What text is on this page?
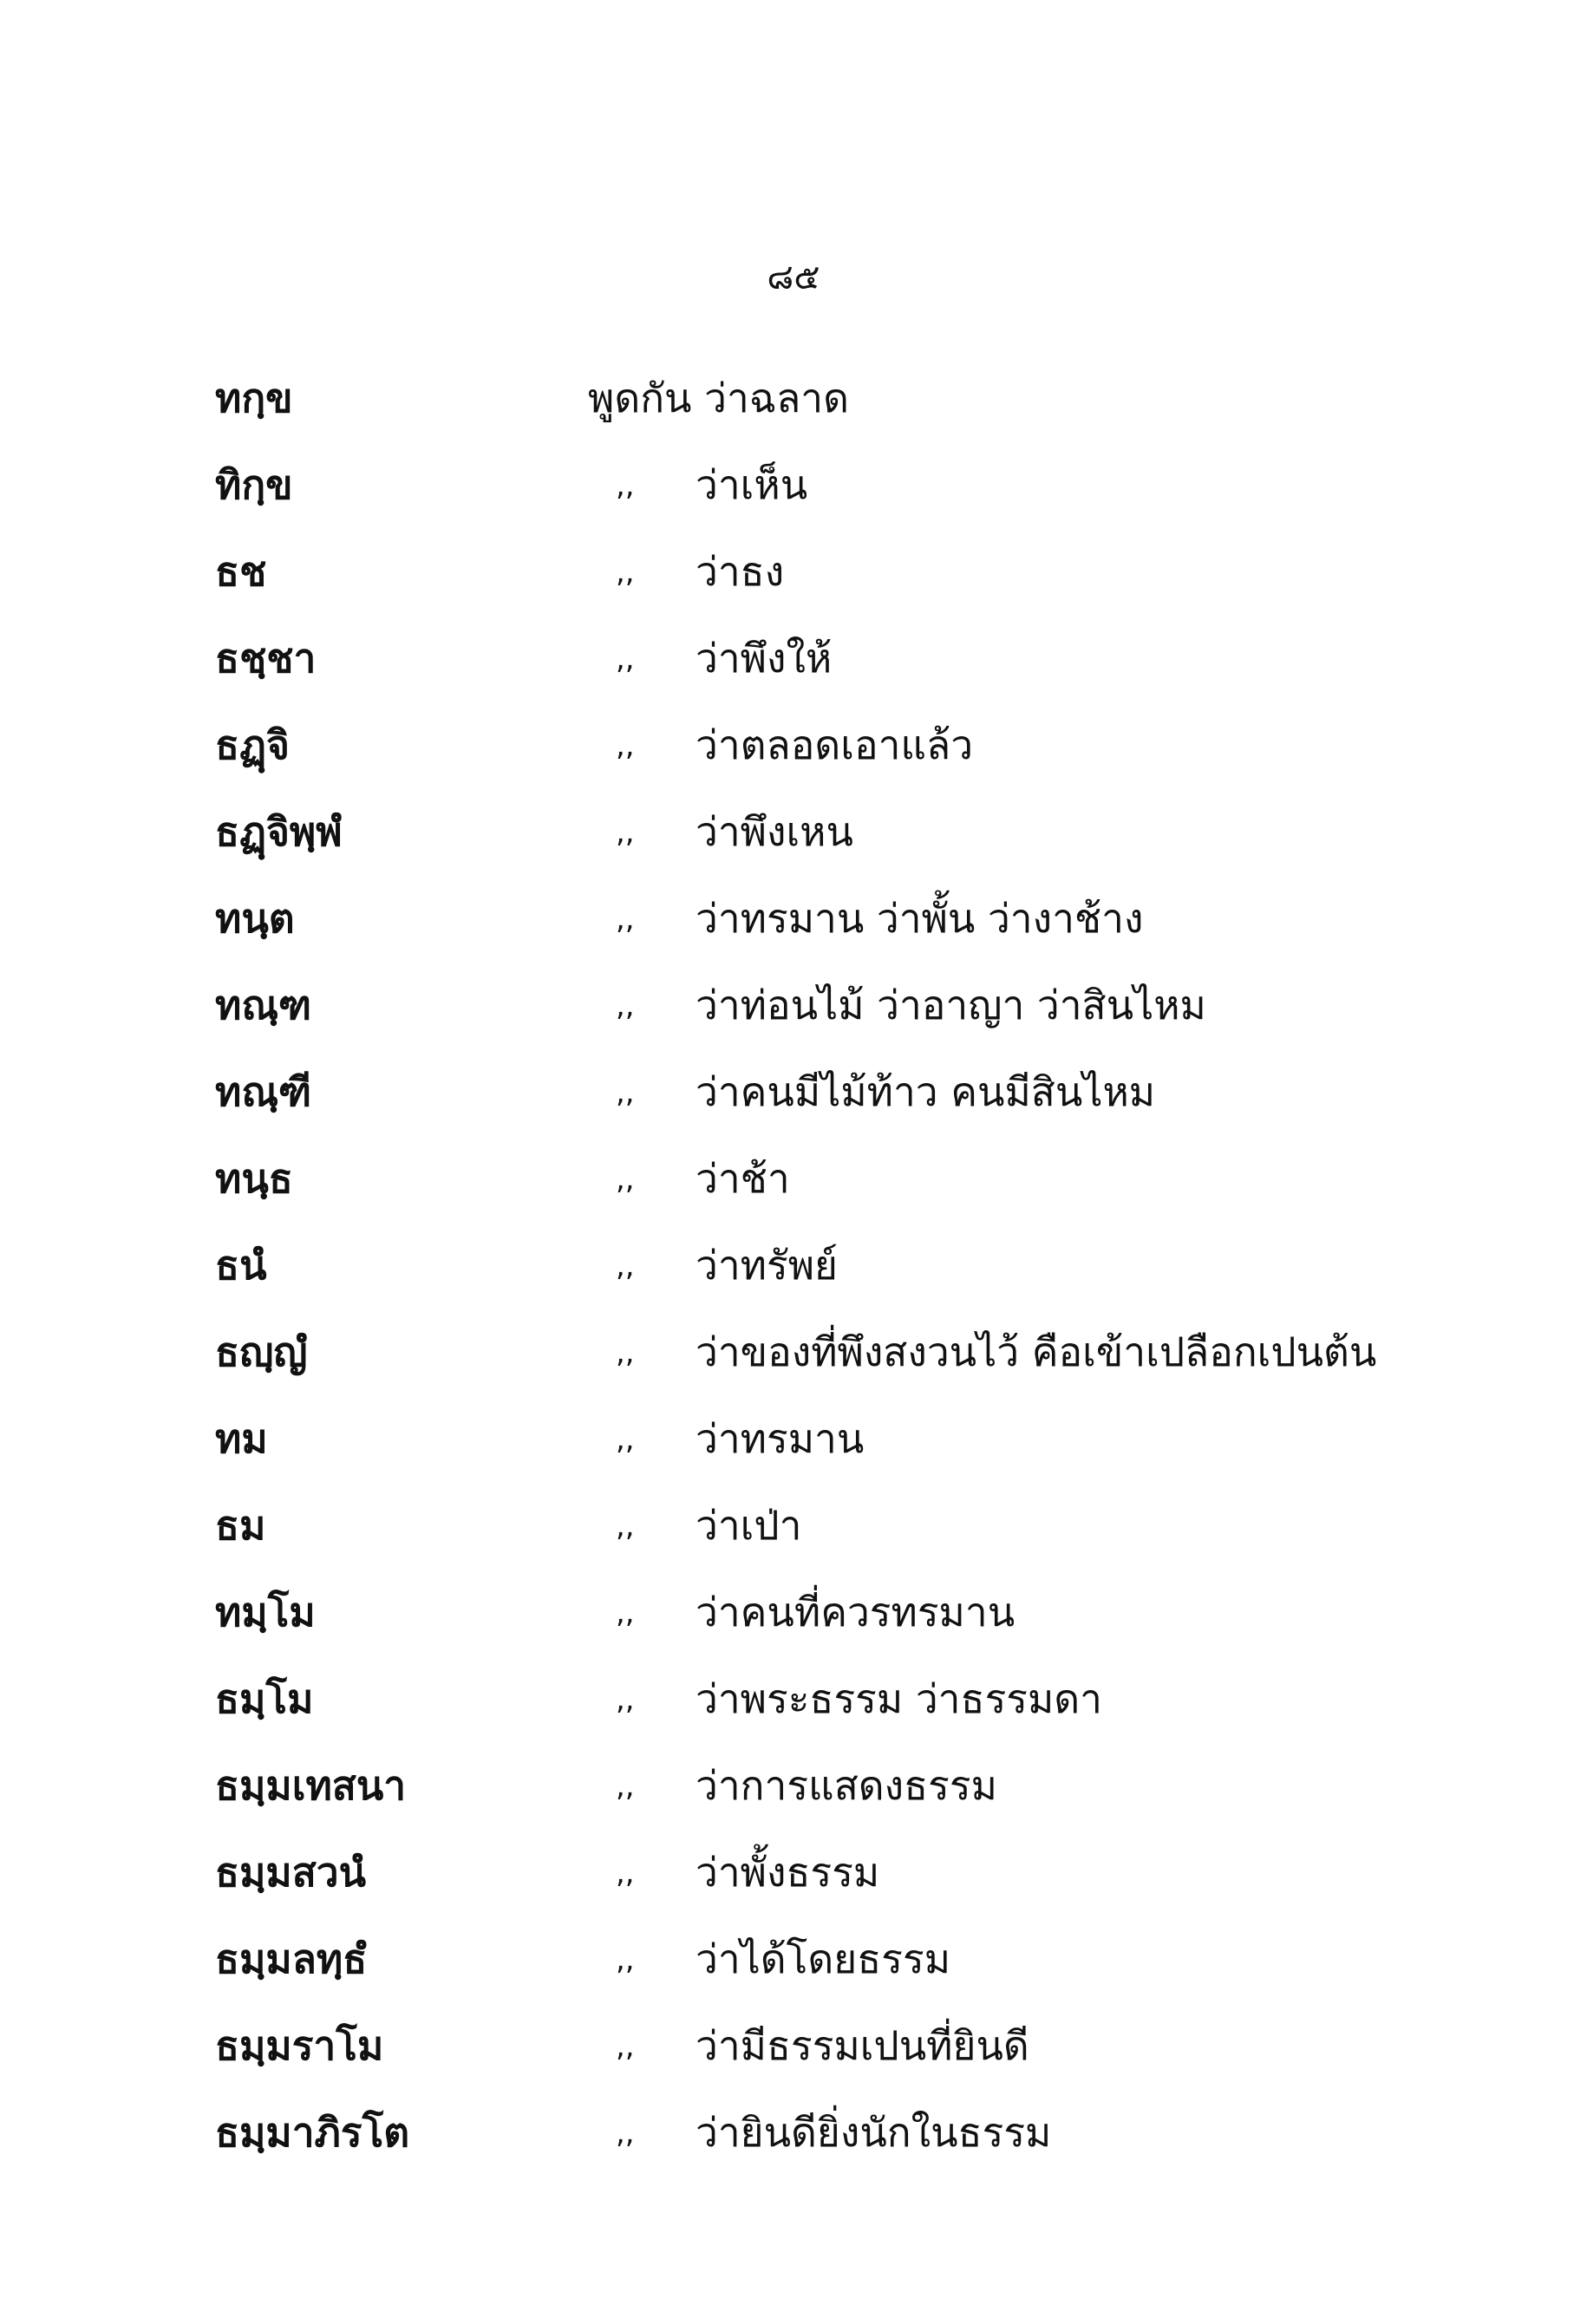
๘๕
ทกฺข	พูดกัน ว่าฉลาด
ทิกฺข	,, ว่าเห็น
ธช	,, ว่าธง
ธชฺชา	,, ว่าพึงให้
ธฏฺจิ	,, ว่าตลอดเอาแล้ว
ธฏฺจิพฺพํ	,, ว่าพึงเหน
ทนฺต	,, ว่าทรมาน ว่าพั้น ว่างาช้าง
ทณฺฑ	,, ว่าท่อนไม้ ว่าอาญา ว่าสินไหม
ทณฺฑี	,, ว่าคนมีไม้ท้าว คนมีสินไหม
ทนฺธ	,, ว่าช้า
ธนํ	,, ว่าทรัพย์
ธญฺญํ	,, ว่าของที่พึงสงวนไว้ คือเข้าเปลือกเปนต้น
ทม	,, ว่าทรมาน
ธม	,, ว่าเป่า
ทมฺโม	,, ว่าคนที่ควรทรมาน
ธมฺโม	,, ว่าพระธรรม ว่าธรรมดา
ธมฺมเทสนา	,, ว่าการแสดงธรรม
ธมฺมสวนํ	,, ว่าพั้งธรรม
ธมฺมลทฺธํ	,, ว่าได้โดยธรรม
ธมฺมราโม	,, ว่ามีธรรมเปนที่ยินดี
ธมฺมาภิรโต	,, ว่ายินดียิ่งนักในธรรม
